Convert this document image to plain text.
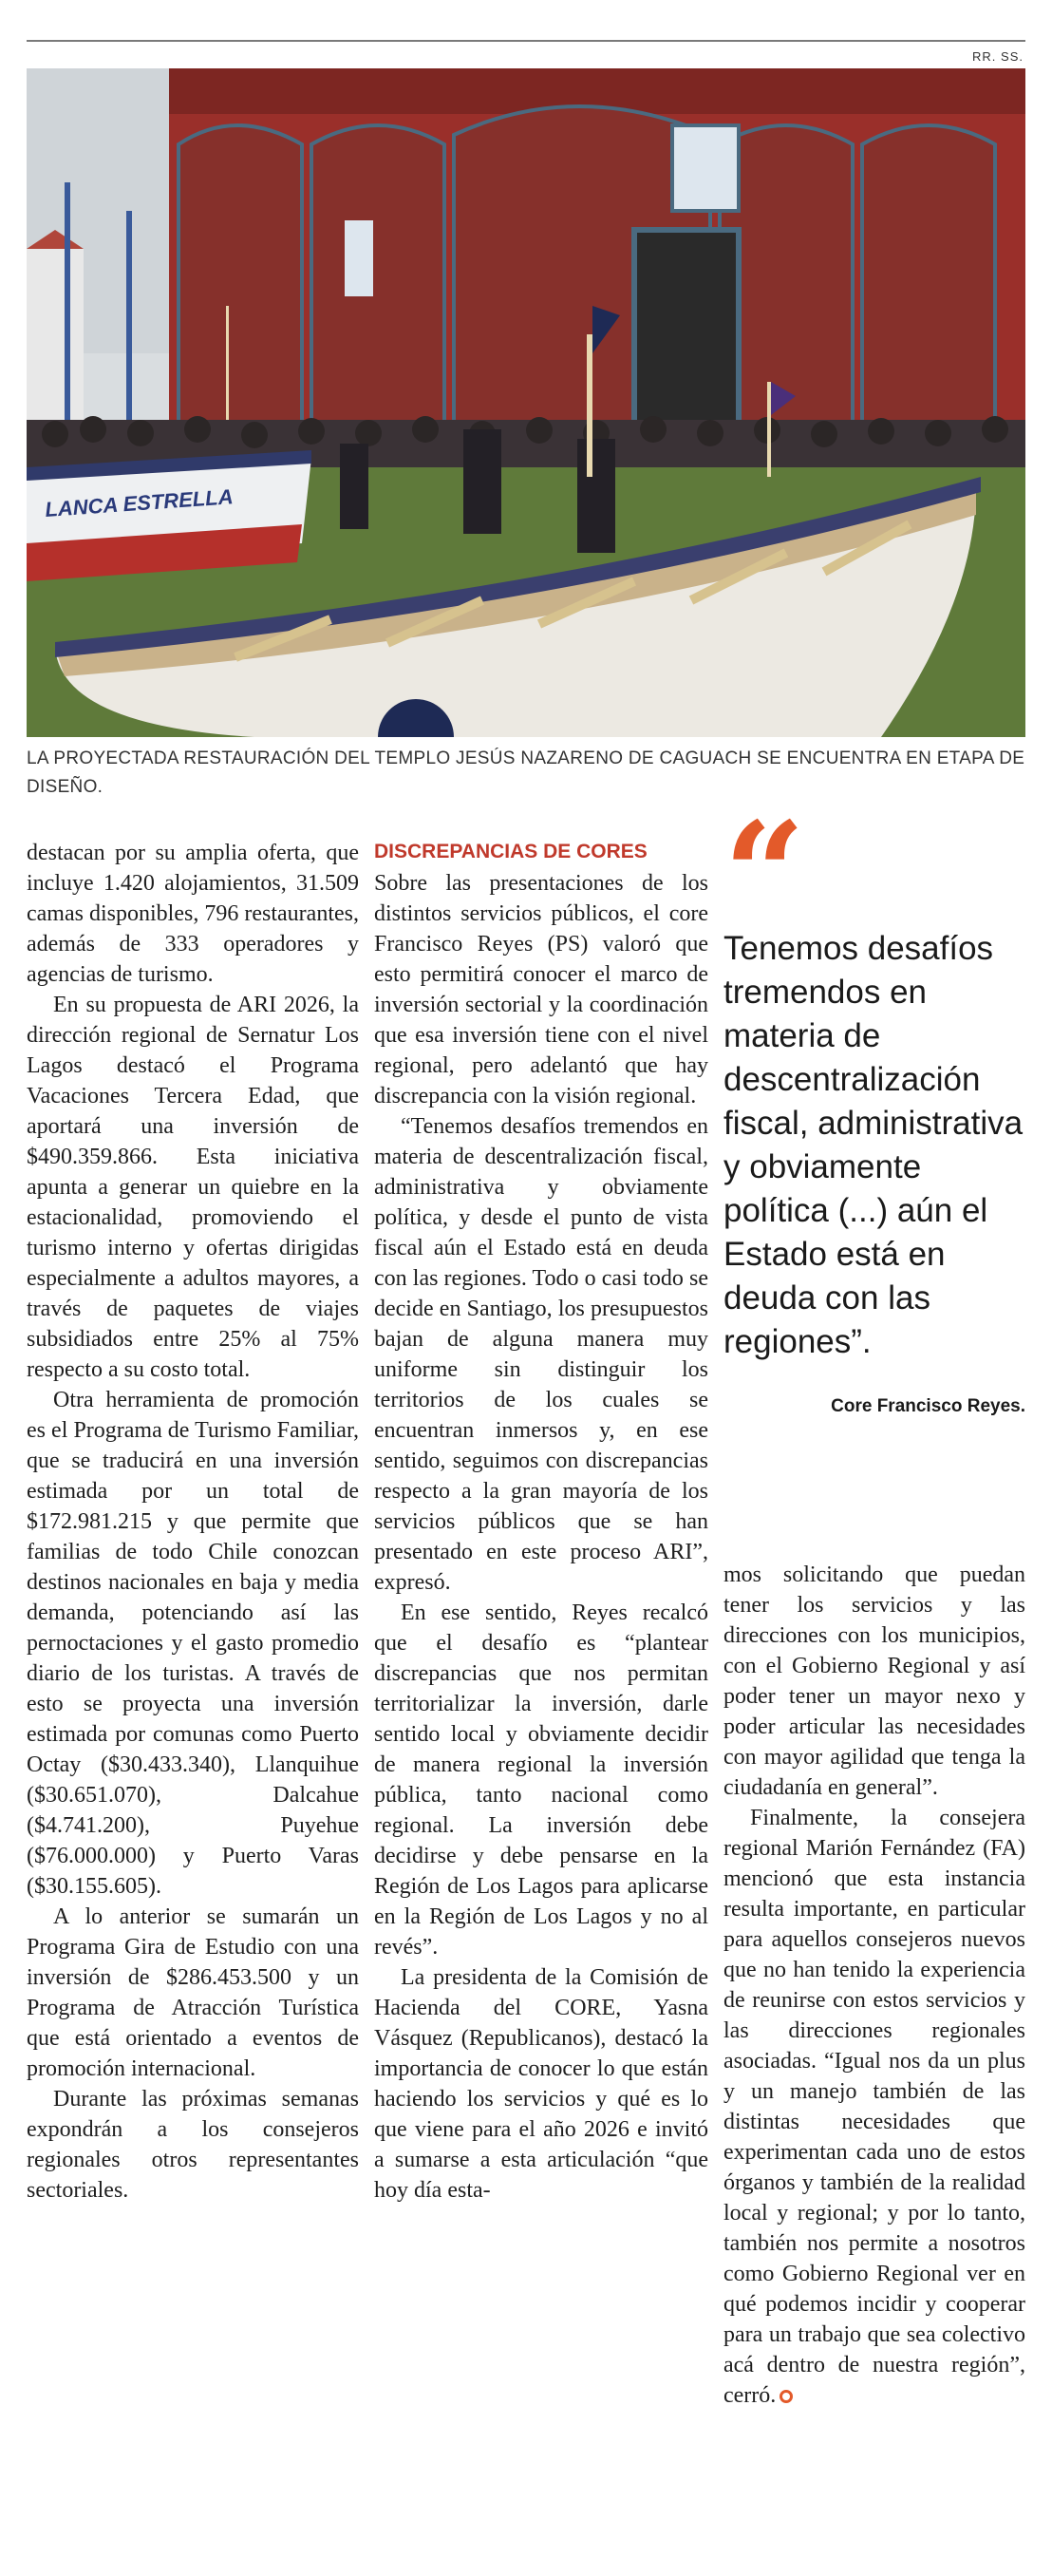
RR. SS.
LANCA ESTRELLA
LA PROYECTADA RESTAURACIÓN DEL TEMPLO JESÚS NAZARENO DE CAGUACH SE ENCUENTRA EN ETAPA DE DISEÑO.

destacan por su amplia oferta, que incluye 1.420 alojamientos, 31.509 camas disponibles, 796 restaurantes, además de 333 operadores y agencias de turismo.

En su propuesta de ARI 2026, la dirección regional de Sernatur Los Lagos destacó el Programa Vacaciones Tercera Edad, que aportará una inversión de $490.359.866. Esta iniciativa apunta a generar un quiebre en la estacionalidad, promoviendo el turismo interno y ofertas dirigidas especialmente a adultos mayores, a través de paquetes de viajes subsidiados entre 25% al 75% respecto a su costo total.

Otra herramienta de promoción es el Programa de Turismo Familiar, que se traducirá en una inversión estimada por un total de $172.981.215 y que permite que familias de todo Chile conozcan destinos nacionales en baja y media demanda, potenciando así las pernoctaciones y el gasto promedio diario de los turistas. A través de esto se proyecta una inversión estimada por comunas como Puerto Octay ($30.433.340), Llanquihue ($30.651.070), Dalcahue ($4.741.200), Puyehue ($76.000.000) y Puerto Varas ($30.155.605).

A lo anterior se sumarán un Programa Gira de Estudio con una inversión de $286.453.500 y un Programa de Atracción Turística que está orientado a eventos de promoción internacional.

Durante las próximas semanas expondrán a los consejeros regionales otros representantes sectoriales.

DISCREPANCIAS DE CORES

Sobre las presentaciones de los distintos servicios públicos, el core Francisco Reyes (PS) valoró que esto permitirá conocer el marco de inversión sectorial y la coordinación que esa inversión tiene con el nivel regional, pero adelantó que hay discrepancia con la visión regional.

“Tenemos desafíos tremendos en materia de descentralización fiscal, administrativa y obviamente política, y desde el punto de vista fiscal aún el Estado está en deuda con las regiones. Todo o casi todo se decide en Santiago, los presupuestos bajan de alguna manera muy uniforme sin distinguir los territorios de los cuales se encuentran inmersos y, en ese sentido, seguimos con discrepancias respecto a la gran mayoría de los servicios públicos que se han presentado en este proceso ARI”, expresó.

En ese sentido, Reyes recalcó que el desafío es “plantear discrepancias que nos permitan territorializar la inversión, darle sentido local y obviamente decidir de manera regional la inversión pública, tanto nacional como regional. La inversión debe decidirse y debe pensarse en la Región de Los Lagos para aplicarse en la Región de Los Lagos y no al revés”.

La presidenta de la Comisión de Hacienda del CORE, Yasna Vásquez (Republicanos), destacó la importancia de conocer lo que están haciendo los servicios y qué es lo que viene para el año 2026 e invitó a sumarse a esta articulación “que hoy día esta-

“
Tenemos desafíos tremendos en materia de descentralización fiscal, administrativa y obviamente política (...) aún el Estado está en deuda con las regiones”.
Core Francisco Reyes.

mos solicitando que puedan tener los servicios y las direcciones con los municipios, con el Gobierno Regional y así poder tener un mayor nexo y poder articular las necesidades con mayor agilidad que tenga la ciudadanía en general”.

Finalmente, la consejera regional Marión Fernández (FA) mencionó que esta instancia resulta importante, en particular para aquellos consejeros nuevos que no han tenido la experiencia de reunirse con estos servicios y las direcciones regionales asociadas. “Igual nos da un plus y un manejo también de las distintas necesidades que experimentan cada uno de estos órganos y también de la realidad local y regional; y por lo tanto, también nos permite a nosotros como Gobierno Regional ver en qué podemos incidir y cooperar para un trabajo que sea colectivo acá dentro de nuestra región”, cerró.
